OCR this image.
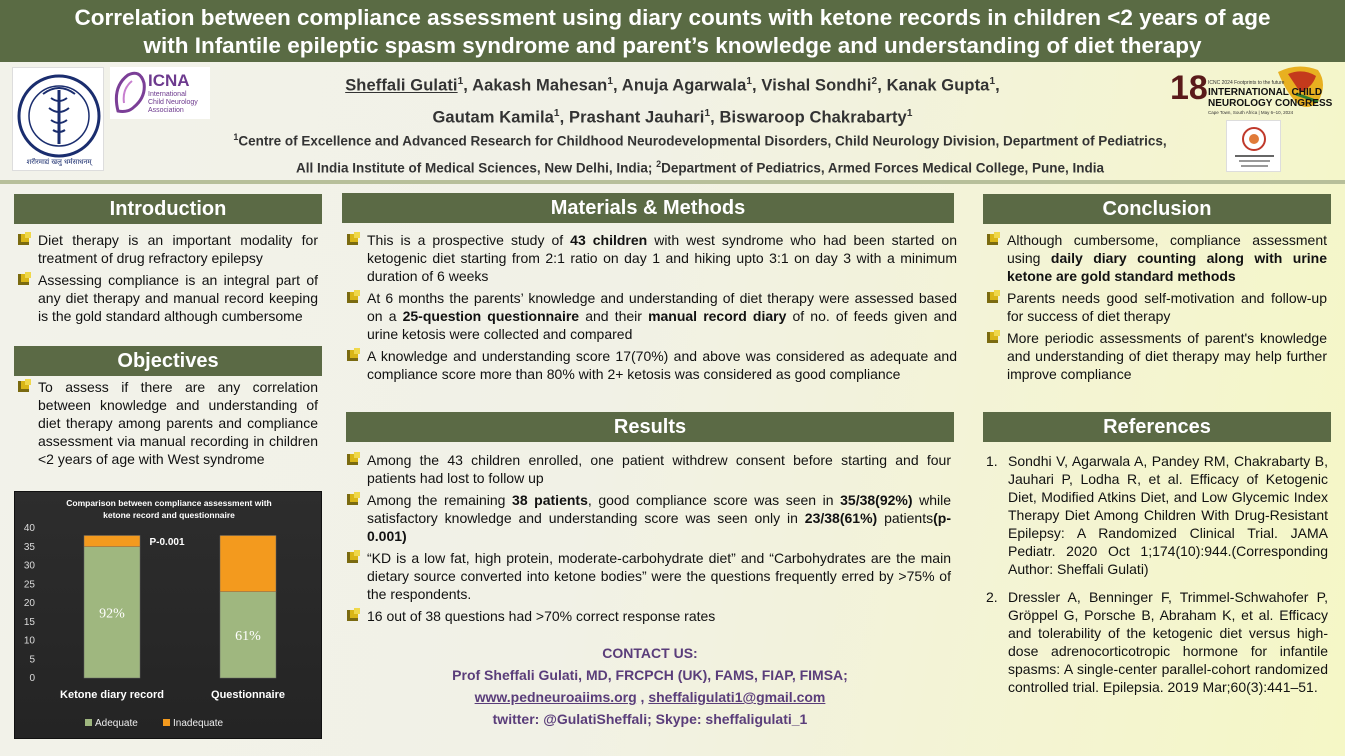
Correlation between compliance assessment using diary counts with ketone records in children <2 years of age
with Infantile epileptic spasm syndrome and parent’s knowledge and understanding of diet therapy
शरीरमाद्यं खलु धर्मसाधनम्
ICNA
International
Child Neurology
Association
Sheffali Gulati$^1$, Aakash Mahesan$^1$, Anuja Agarwala$^1$, Vishal Sondhi$^2$, Kanak Gupta$^1$,
Gautam Kamila$^1$, Prashant Jauhari$^1$, Biswaroop Chakrabarty$^1$
$^1$Centre of Excellence and Advanced Research for Childhood Neurodevelopmental Disorders, Child Neurology Division, Department of Pediatrics,
All India Institute of Medical Sciences, New Delhi, India; $^2$Department of Pediatrics, Armed Forces Medical College, Pune, India
18 ICNC 2024 Footprints to the future
INTERNATIONAL CHILD
NEUROLOGY CONGRESS
Cape Town, South Africa | May 6–10, 2024
Introduction
Diet therapy is an important modality for treatment of drug refractory epilepsy
Assessing compliance is an integral part of any diet therapy and manual record keeping is the gold standard although cumbersome
Objectives
To assess if there are any correlation between knowledge and understanding of diet therapy among parents and compliance assessment via manual recording in children <2 years of age with West syndrome
Comparison between compliance assessment with
ketone record and questionnaire
0
5
10
15
20
25
30
35
40
92%
Ketone diary record
61%
Questionnaire
P-0.001
Adequate	Inadequate
Materials & Methods
This is a prospective study of 43 children with west syndrome who had been started on ketogenic diet starting from 2:1 ratio on day 1 and hiking upto 3:1 on day 3 with a minimum duration of 6 weeks
At 6 months the parents’ knowledge and understanding of diet therapy were assessed based on a 25-question questionnaire and their manual record diary of no. of feeds given and urine ketosis were collected and compared
A knowledge and understanding score 17(70%) and above was considered as adequate and compliance score more than 80% with 2+ ketosis was considered as good compliance
Results
Among the 43 children enrolled, one patient withdrew consent before starting and four patients had lost to follow up
Among the remaining 38 patients, good compliance score was seen in 35/38(92%) while satisfactory knowledge and understanding score was seen only in 23/38(61%) patients(p-0.001)
“KD is a low fat, high protein, moderate-carbohydrate diet” and “Carbohydrates are the main dietary source converted into ketone bodies” were the questions frequently erred by >75% of the respondents.
16 out of 38 questions had >70% correct response rates
CONTACT US:
Prof Sheffali Gulati, MD, FRCPCH (UK), FAMS, FIAP, FIMSA;
www.pedneuroaiims.org , sheffaligulati1@gmail.com
twitter: @GulatiSheffali; Skype: sheffaligulati_1
Conclusion
Although cumbersome, compliance assessment using daily diary counting along with urine ketone are gold standard methods
Parents needs good self-motivation and follow-up for success of diet therapy
More periodic assessments of parent's knowledge and understanding of diet therapy may help further improve compliance
References
1. Sondhi V, Agarwala A, Pandey RM, Chakrabarty B, Jauhari P, Lodha R, et al. Efficacy of Ketogenic Diet, Modified Atkins Diet, and Low Glycemic Index Therapy Diet Among Children With Drug-Resistant Epilepsy: A Randomized Clinical Trial. JAMA Pediatr. 2020 Oct 1;174(10):944.(Corresponding Author: Sheffali Gulati)
2. Dressler A, Benninger F, Trimmel-Schwahofer P, Gröppel G, Porsche B, Abraham K, et al. Efficacy and tolerability of the ketogenic diet versus high-dose adrenocorticotropic hormone for infantile spasms: A single-center parallel-cohort randomized controlled trial. Epilepsia. 2019 Mar;60(3):441–51.
